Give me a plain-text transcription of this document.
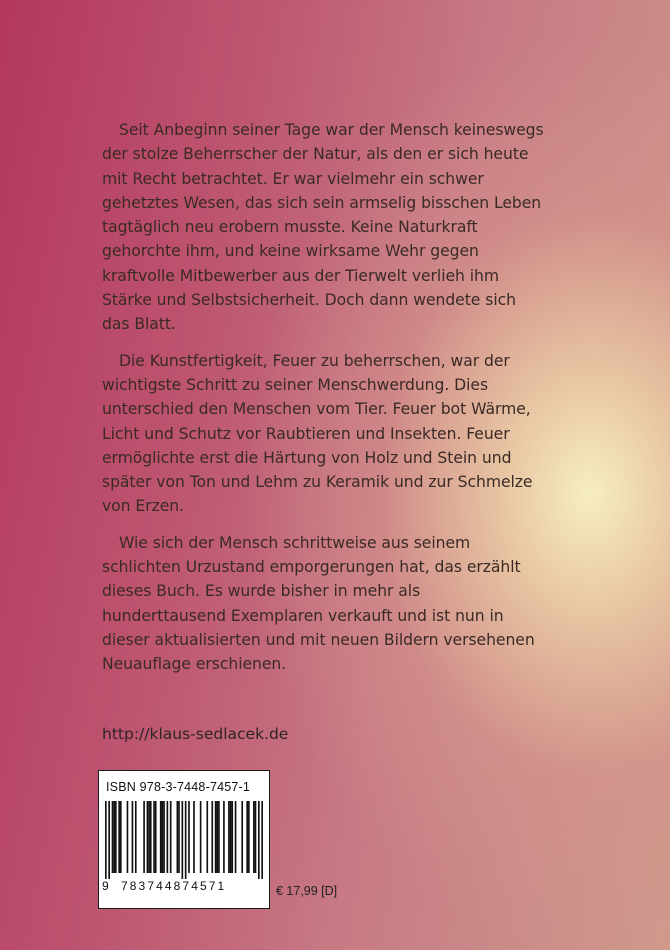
Seit Anbeginn seiner Tage war der Mensch keineswegs der stolze Beherrscher der Natur, als den er sich heute mit Recht betrachtet. Er war vielmehr ein schwer gehetztes Wesen, das sich sein armselig bisschen Leben tagtäglich neu erobern musste. Keine Naturkraft gehorchte ihm, und keine wirksame Wehr gegen kraftvolle Mitbewerber aus der Tierwelt verlieh ihm Stärke und Selbstsicherheit. Doch dann wendete sich das Blatt.

Die Kunstfertigkeit, Feuer zu beherrschen, war der wichtigste Schritt zu seiner Menschwerdung. Dies unterschied den Menschen vom Tier. Feuer bot Wärme, Licht und Schutz vor Raubtieren und Insekten. Feuer ermöglichte erst die Härtung von Holz und Stein und später von Ton und Lehm zu Keramik und zur Schmelze von Erzen.

Wie sich der Mensch schrittweise aus seinem schlichten Urzustand emporgerungen hat, das erzählt dieses Buch. Es wurde bisher in mehr als hunderttausend Exemplaren verkauft und ist nun in dieser aktualisierten und mit neuen Bildern versehenen Neuauflage erschienen.

http://klaus-sedlacek.de
ISBN 978-3-7448-7457-1
9 783744874571	€ 17,99 [D]
